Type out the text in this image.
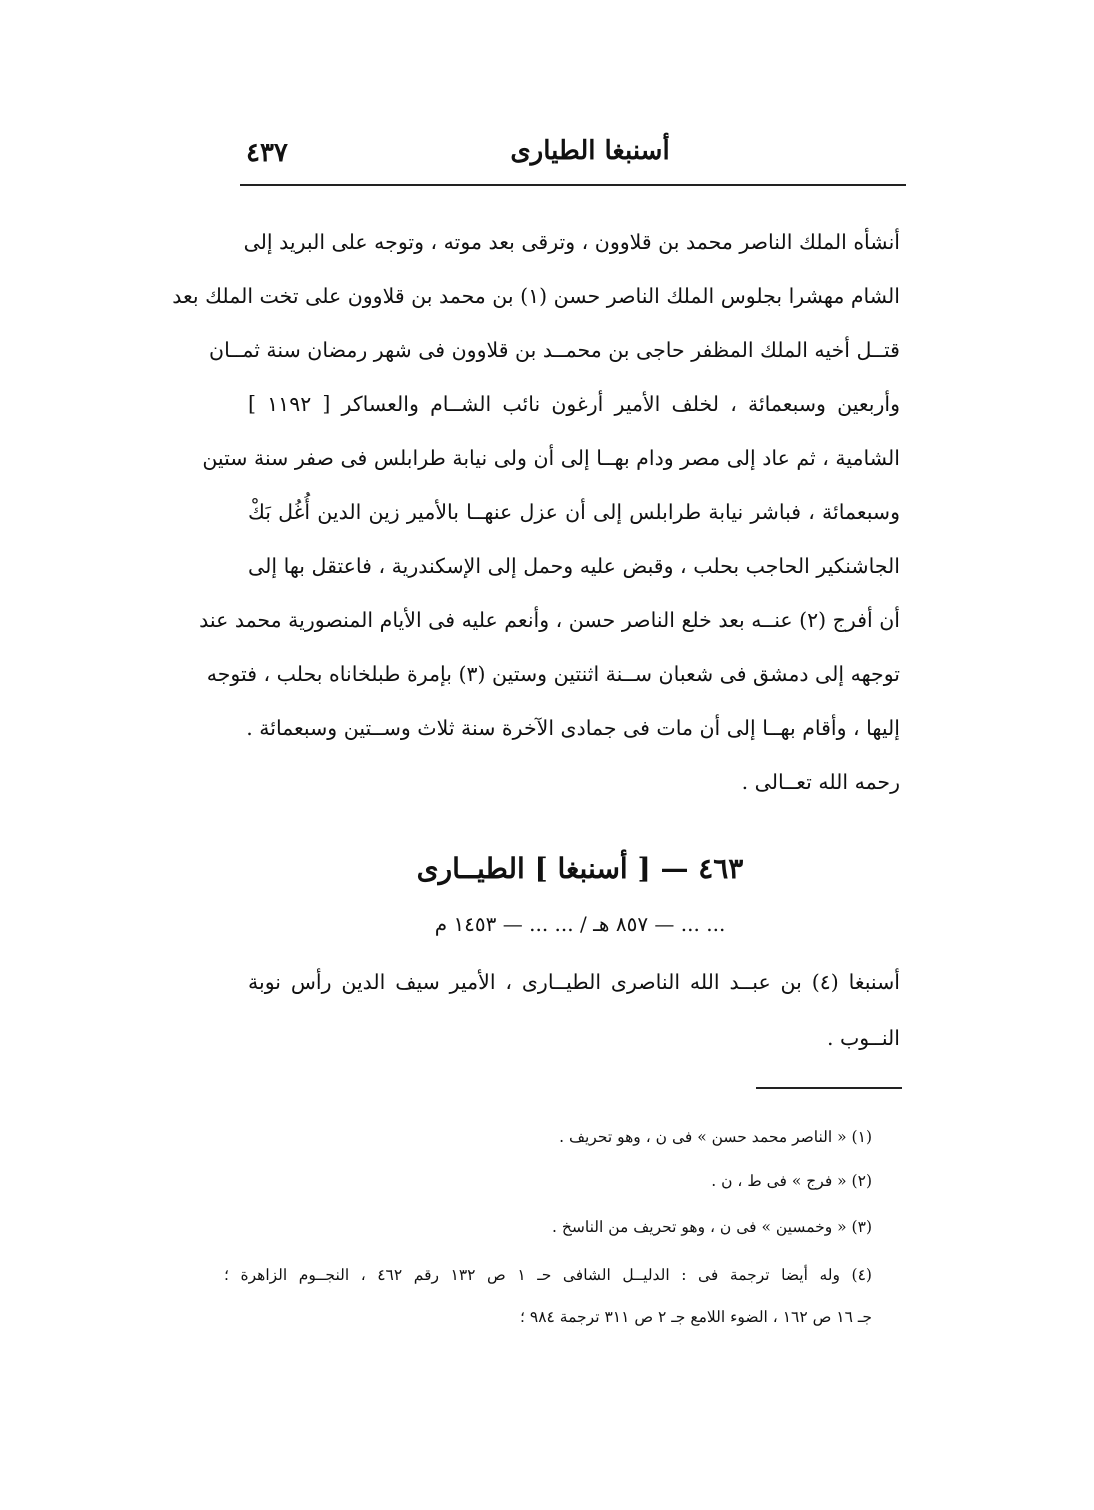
أسنبغا الطيارى
٤٣٧
أنشأه الملك الناصر محمد بن قلاوون ، وترقى بعد موته ، وتوجه على البريد إلى
الشام مهشرا بجلوس الملك الناصر حسن (١) بن محمد بن قلاوون على تخت الملك بعد
قتــل أخيه الملك المظفر حاجى بن محمــد بن قلاوون فى شهر رمضان سنة ثمــان
وأربعين وسبعمائة ، لخلف الأمير أرغون نائب الشــام والعساكر [ ١١٩٢ ]
الشامية ، ثم عاد إلى مصر ودام بهــا إلى أن ولى نيابة طرابلس فى صفر سنة ستين
وسبعمائة ، فباشر نيابة طرابلس إلى أن عزل عنهــا بالأمير زين الدين أُغُل بَكْ
الجاشنكير الحاجب بحلب ، وقبض عليه وحمل إلى الإسكندرية ، فاعتقل بها إلى
أن أفرج (٢) عنــه بعد خلع الناصر حسن ، وأنعم عليه فى الأيام المنصورية محمد عند
توجهه إلى دمشق فى شعبان ســنة اثنتين وستين (٣) بإمرة طبلخاناه بحلب ، فتوجه
إليها ، وأقام بهــا إلى أن مات فى جمادى الآخرة سنة ثلاث وســتين وسبعمائة .
رحمه الله تعــالى .
٤٦٣ — [ أسنبغا ] الطيــارى
... ... — ٨٥٧ هـ / ... ... — ١٤٥٣ م
أسنبغا (٤) بن عبــد الله الناصرى الطيــارى ، الأمير سيف الدين رأس نوبة
النــوب .
(١) « الناصر محمد حسن » فى ن ، وهو تحريف .
(٢) « فرج » فى ط ، ن .
(٣) « وخمسين » فى ن ، وهو تحريف من الناسخ .
(٤) وله أيضا ترجمة فى : الدليــل الشافى حـ ١ ص ١٣٢ رقم ٤٦٢ ، النجــوم الزاهرة ؛
جـ ١٦ ص ١٦٢ ، الضوء اللامع جـ ٢ ص ٣١١ ترجمة ٩٨٤ ؛
